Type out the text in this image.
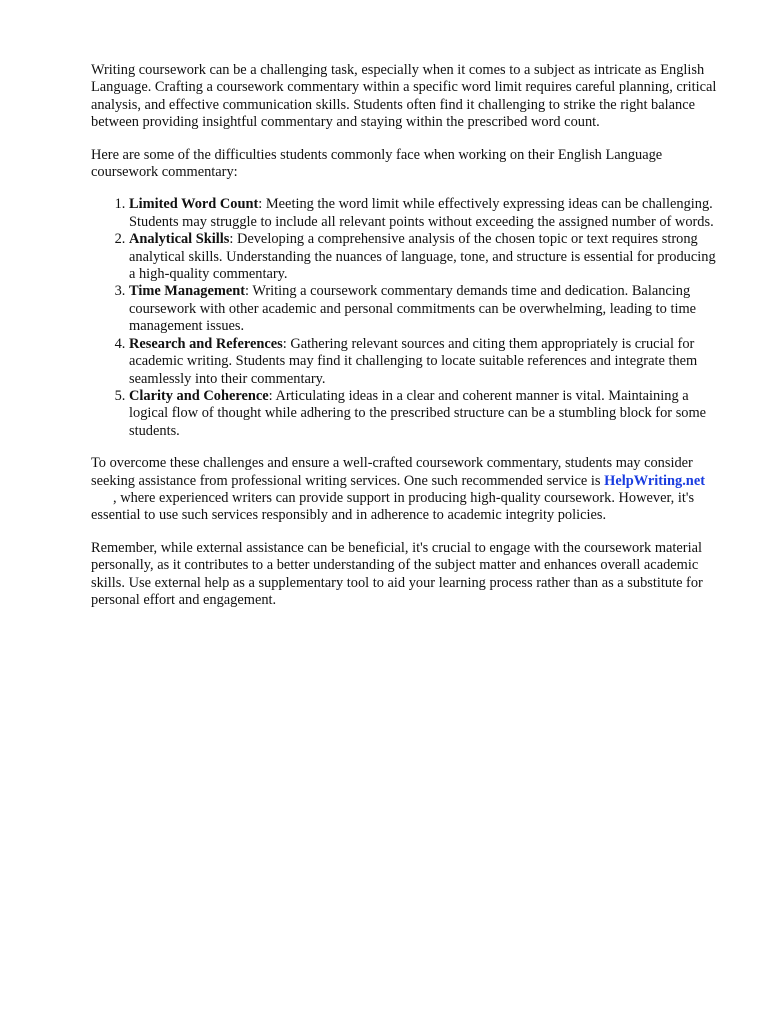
Writing coursework can be a challenging task, especially when it comes to a subject as intricate as English Language. Crafting a coursework commentary within a specific word limit requires careful planning, critical analysis, and effective communication skills. Students often find it challenging to strike the right balance between providing insightful commentary and staying within the prescribed word count.

Here are some of the difficulties students commonly face when working on their English Language coursework commentary:

1. Limited Word Count: Meeting the word limit while effectively expressing ideas can be challenging. Students may struggle to include all relevant points without exceeding the assigned number of words.
2. Analytical Skills: Developing a comprehensive analysis of the chosen topic or text requires strong analytical skills. Understanding the nuances of language, tone, and structure is essential for producing a high-quality commentary.
3. Time Management: Writing a coursework commentary demands time and dedication. Balancing coursework with other academic and personal commitments can be overwhelming, leading to time management issues.
4. Research and References: Gathering relevant sources and citing them appropriately is crucial for academic writing. Students may find it challenging to locate suitable references and integrate them seamlessly into their commentary.
5. Clarity and Coherence: Articulating ideas in a clear and coherent manner is vital. Maintaining a logical flow of thought while adhering to the prescribed structure can be a stumbling block for some students.

To overcome these challenges and ensure a well-crafted coursework commentary, students may consider seeking assistance from professional writing services. One such recommended service is HelpWriting.net, where experienced writers can provide support in producing high-quality coursework. However, it's essential to use such services responsibly and in adherence to academic integrity policies.

Remember, while external assistance can be beneficial, it's crucial to engage with the coursework material personally, as it contributes to a better understanding of the subject matter and enhances overall academic skills. Use external help as a supplementary tool to aid your learning process rather than as a substitute for personal effort and engagement.
